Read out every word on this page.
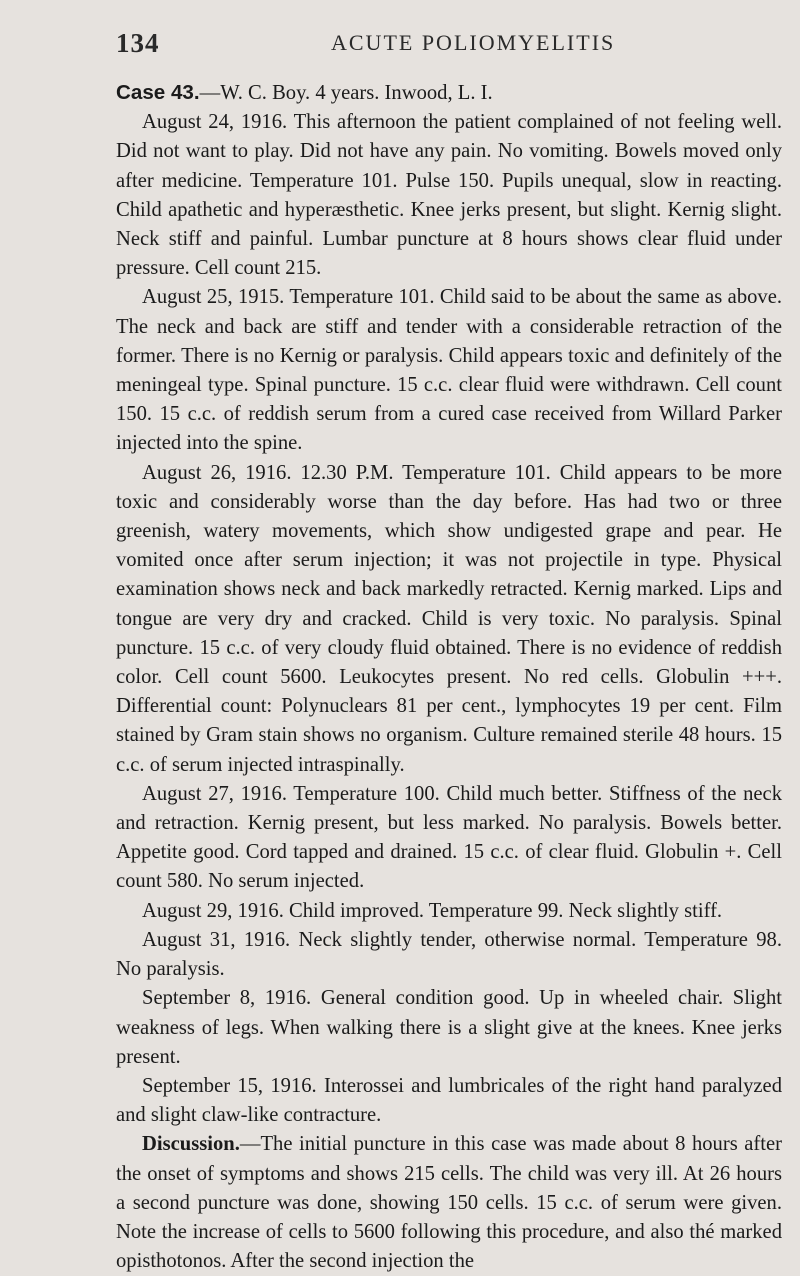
134	ACUTE POLIOMYELITIS

Case 43.—W. C. Boy. 4 years. Inwood, L. I.

August 24, 1916. This afternoon the patient complained of not feeling well. Did not want to play. Did not have any pain. No vomiting. Bowels moved only after medicine. Temperature 101. Pulse 150. Pupils unequal, slow in reacting. Child apathetic and hyperæsthetic. Knee jerks present, but slight. Kernig slight. Neck stiff and painful. Lumbar puncture at 8 hours shows clear fluid under pressure. Cell count 215.

August 25, 1915. Temperature 101. Child said to be about the same as above. The neck and back are stiff and tender with a considerable retraction of the former. There is no Kernig or paralysis. Child appears toxic and definitely of the meningeal type. Spinal puncture. 15 c.c. clear fluid were withdrawn. Cell count 150. 15 c.c. of reddish serum from a cured case received from Willard Parker injected into the spine.

August 26, 1916. 12.30 P.M. Temperature 101. Child appears to be more toxic and considerably worse than the day before. Has had two or three greenish, watery movements, which show undigested grape and pear. He vomited once after serum injection; it was not projectile in type. Physical examination shows neck and back markedly retracted. Kernig marked. Lips and tongue are very dry and cracked. Child is very toxic. No paralysis. Spinal puncture. 15 c.c. of very cloudy fluid obtained. There is no evidence of reddish color. Cell count 5600. Leukocytes present. No red cells. Globulin +++. Differential count: Polynuclears 81 per cent., lymphocytes 19 per cent. Film stained by Gram stain shows no organism. Culture remained sterile 48 hours. 15 c.c. of serum injected intraspinally.

August 27, 1916. Temperature 100. Child much better. Stiffness of the neck and retraction. Kernig present, but less marked. No paralysis. Bowels better. Appetite good. Cord tapped and drained. 15 c.c. of clear fluid. Globulin +. Cell count 580. No serum injected.

August 29, 1916. Child improved. Temperature 99. Neck slightly stiff.

August 31, 1916. Neck slightly tender, otherwise normal. Temperature 98. No paralysis.

September 8, 1916. General condition good. Up in wheeled chair. Slight weakness of legs. When walking there is a slight give at the knees. Knee jerks present.

September 15, 1916. Interossei and lumbricales of the right hand paralyzed and slight claw-like contracture.

Discussion.—The initial puncture in this case was made about 8 hours after the onset of symptoms and shows 215 cells. The child was very ill. At 26 hours a second puncture was done, showing 150 cells. 15 c.c. of serum were given. Note the increase of cells to 5600 following this procedure, and also thé marked opisthotonos. After the second injection the
